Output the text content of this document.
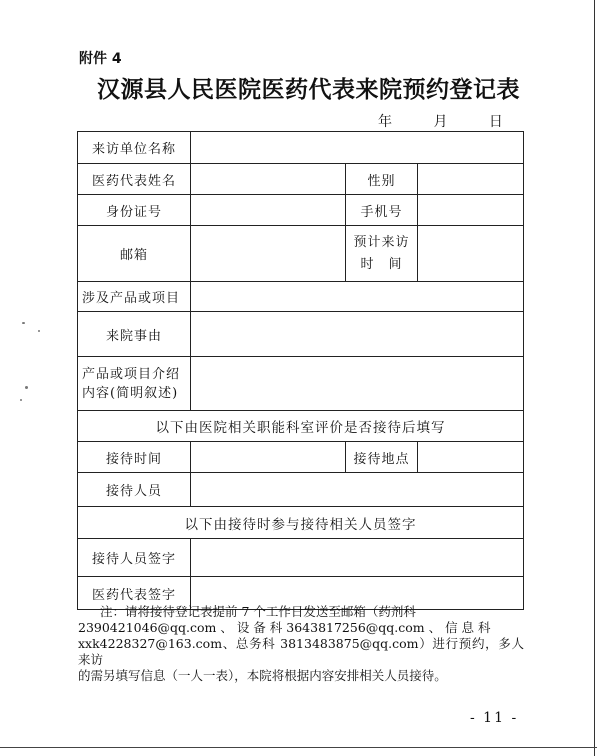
附件 4
汉源县人民医院医药代表来院预约登记表
年	月	日
来访单位名称			
医药代表姓名		性别	
身份证号		手机号	
邮箱		预计来访
时　间	

涉及产品或项目			
来院事由			

产品或项目介绍
内容(简明叙述)			

以下由医院相关职能科室评价是否接待后填写			
接待时间		接待地点	
接待人员			
以下由接待时参与接待相关人员签字			
接待人员签字			
医药代表签字			
注：请将接待登记表提前 7 个工作日发送至邮箱（药剂科
2390421046@qq.com 、 设 备 科 3643817256@qq.com 、 信 息 科
xxk4228327@163.com、总务科 3813483875@qq.com）进行预约，多人来访
的需另填写信息（一人一表），本院将根据内容安排相关人员接待。
- 11 -
